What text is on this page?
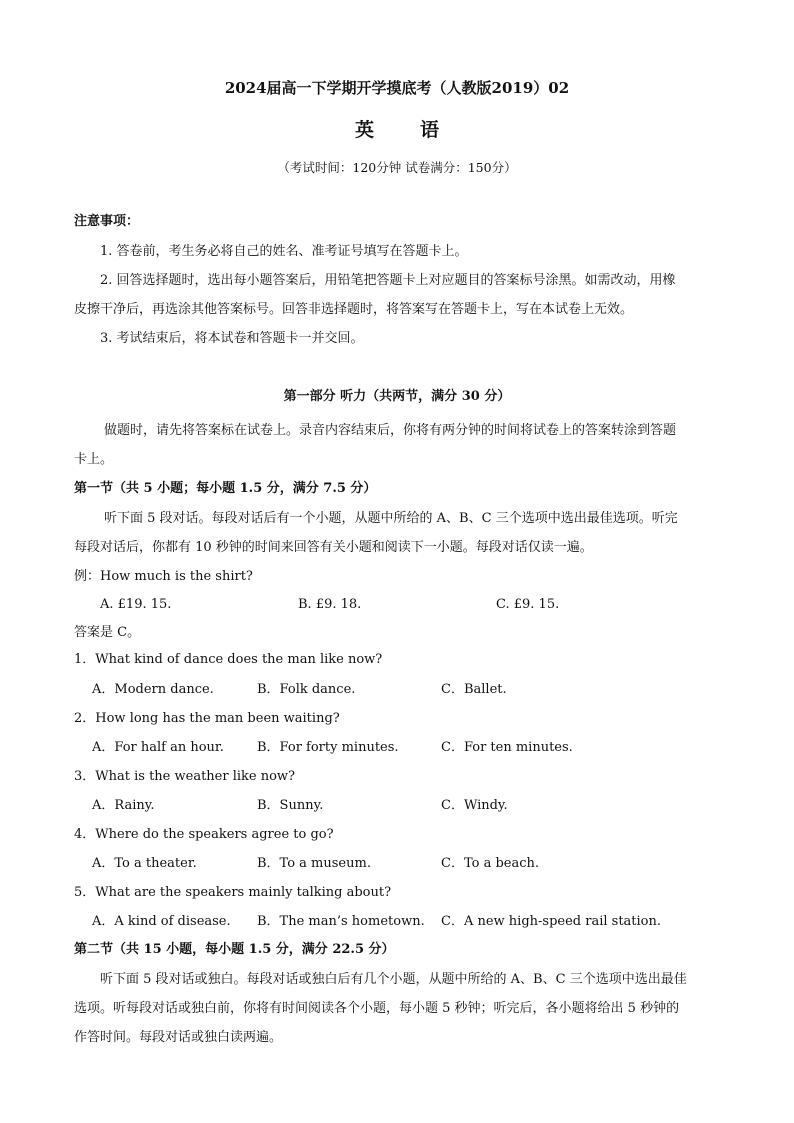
2024届高一下学期开学摸底考（人教版2019）02
英语
（考试时间：120分钟 试卷满分：150分）
注意事项：
1. 答卷前，考生务必将自己的姓名、准考证号填写在答题卡上。
2. 回答选择题时，选出每小题答案后，用铅笔把答题卡上对应题目的答案标号涂黑。如需改动，用橡
皮擦干净后，再选涂其他答案标号。回答非选择题时，将答案写在答题卡上，写在本试卷上无效。
3. 考试结束后，将本试卷和答题卡一并交回。
第一部分 听力（共两节，满分 30 分）
做题时，请先将答案标在试卷上。录音内容结束后，你将有两分钟的时间将试卷上的答案转涂到答题
卡上。
第一节（共 5 小题；每小题 1.5 分，满分 7.5 分）
听下面 5 段对话。每段对话后有一个小题，从题中所给的 A、B、C 三个选项中选出最佳选项。听完
每段对话后，你都有 10 秒钟的时间来回答有关小题和阅读下一小题。每段对话仅读一遍。
例：How much is the shirt?
A. £19. 15.	B. £9. 18.	C. £9. 15.
答案是 C。
1．What kind of dance does the man like now?
A．Modern dance.	B．Folk dance.	C．Ballet.
2．How long has the man been waiting?
A．For half an hour.	B．For forty minutes.	C．For ten minutes.
3．What is the weather like now?
A．Rainy.	B．Sunny.	C．Windy.
4．Where do the speakers agree to go?
A．To a theater.	B．To a museum.	C．To a beach.
5．What are the speakers mainly talking about?
A．A kind of disease. B．The man’s hometown. C．A new high-speed rail station.
第二节（共 15 小题，每小题 1.5 分，满分 22.5 分）
听下面 5 段对话或独白。每段对话或独白后有几个小题，从题中所给的 A、B、C 三个选项中选出最佳
选项。听每段对话或独白前，你将有时间阅读各个小题，每小题 5 秒钟；听完后，各小题将给出 5 秒钟的
作答时间。每段对话或独白读两遍。
